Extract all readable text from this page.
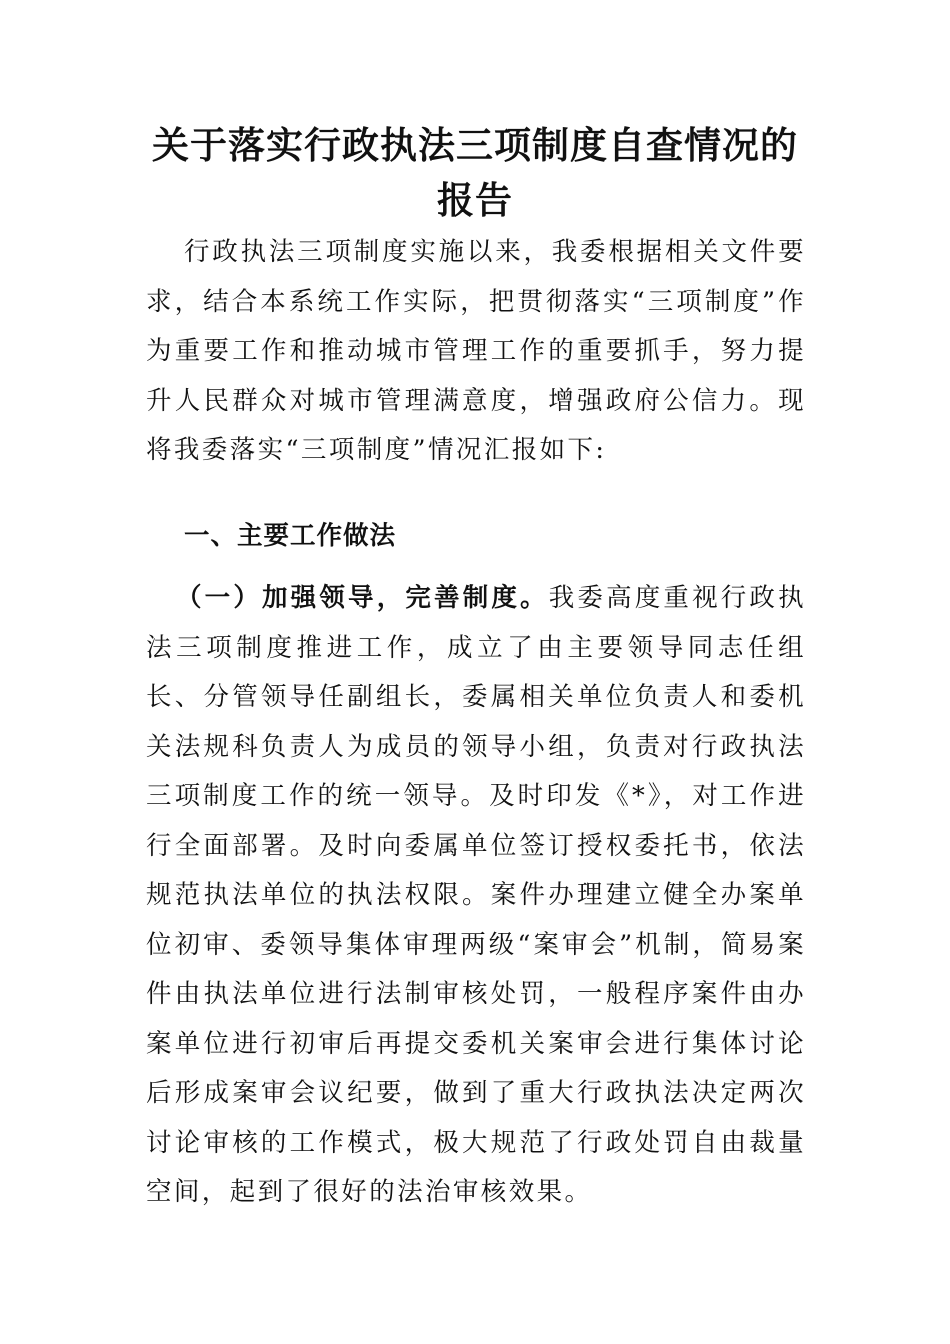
关于落实行政执法三项制度自查情况的报告

行政执法三项制度实施以来，我委根据相关文件要求，结合本系统工作实际，把贯彻落实“三项制度”作为重要工作和推动城市管理工作的重要抓手，努力提升人民群众对城市管理满意度，增强政府公信力。现将我委落实“三项制度”情况汇报如下:

一、主要工作做法

（一）加强领导，完善制度。我委高度重视行政执法三项制度推进工作，成立了由主要领导同志任组长、分管领导任副组长，委属相关单位负责人和委机关法规科负责人为成员的领导小组，负责对行政执法三项制度工作的统一领导。及时印发《*》，对工作进行全面部署。及时向委属单位签订授权委托书，依法规范执法单位的执法权限。案件办理建立健全办案单位初审、委领导集体审理两级“案审会”机制，简易案件由执法单位进行法制审核处罚，一般程序案件由办案单位进行初审后再提交委机关案审会进行集体讨论后形成案审会议纪要，做到了重大行政执法决定两次讨论审核的工作模式，极大规范了行政处罚自由裁量空间，起到了很好的法治审核效果。
